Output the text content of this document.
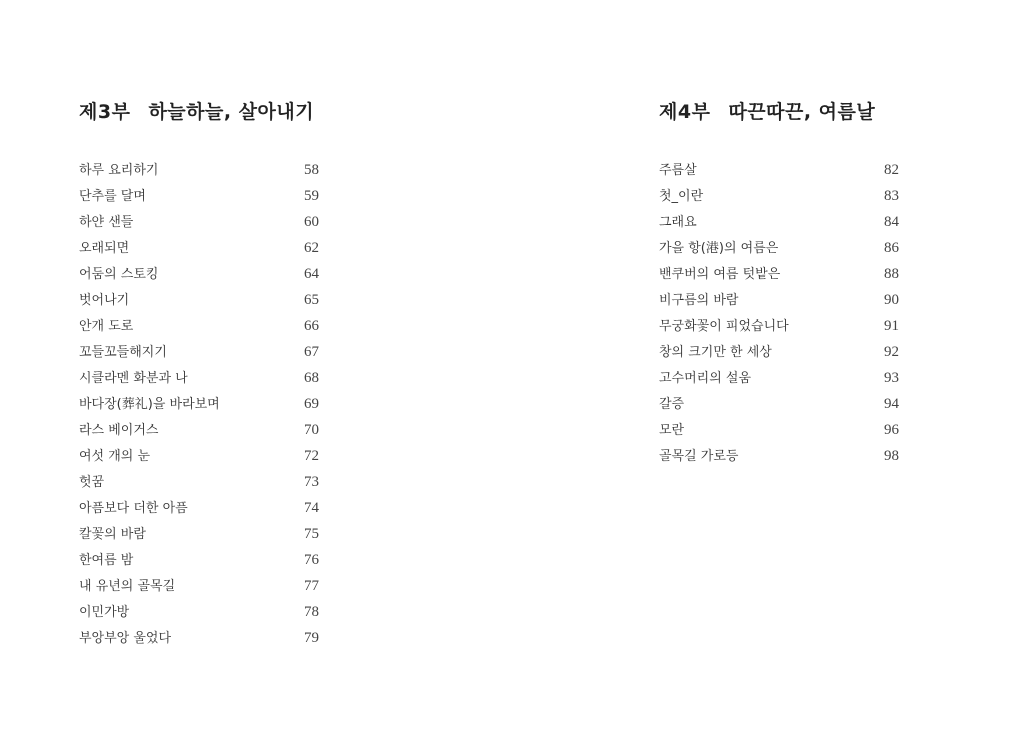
제3부 하늘하늘, 살아내기
하루 요리하기	58
단추를 달며	59
하얀 샌들	60
오래되면	62
어둠의 스토킹	64
벗어나기	65
안개 도로	66
꼬들꼬들해지기	67
시클라멘 화분과 나	68
바다장(葬礼)을 바라보며	69
라스 베이거스	70
여섯 개의 눈	72
헛꿈	73
아픔보다 더한 아픔	74
칼꽃의 바람	75
한여름 밤	76
내 유년의 골목길	77
이민가방	78
부앙부앙 울었다	79
제4부 따끈따끈, 여름날
주름살	82
첫_이란	83
그래요	84
가을 항(港)의 여름은	86
밴쿠버의 여름 텃밭은	88
비구름의 바람	90
무궁화꽃이 피었습니다	91
창의 크기만 한 세상	92
고수머리의 설움	93
갈증	94
모란	96
골목길 가로등	98
